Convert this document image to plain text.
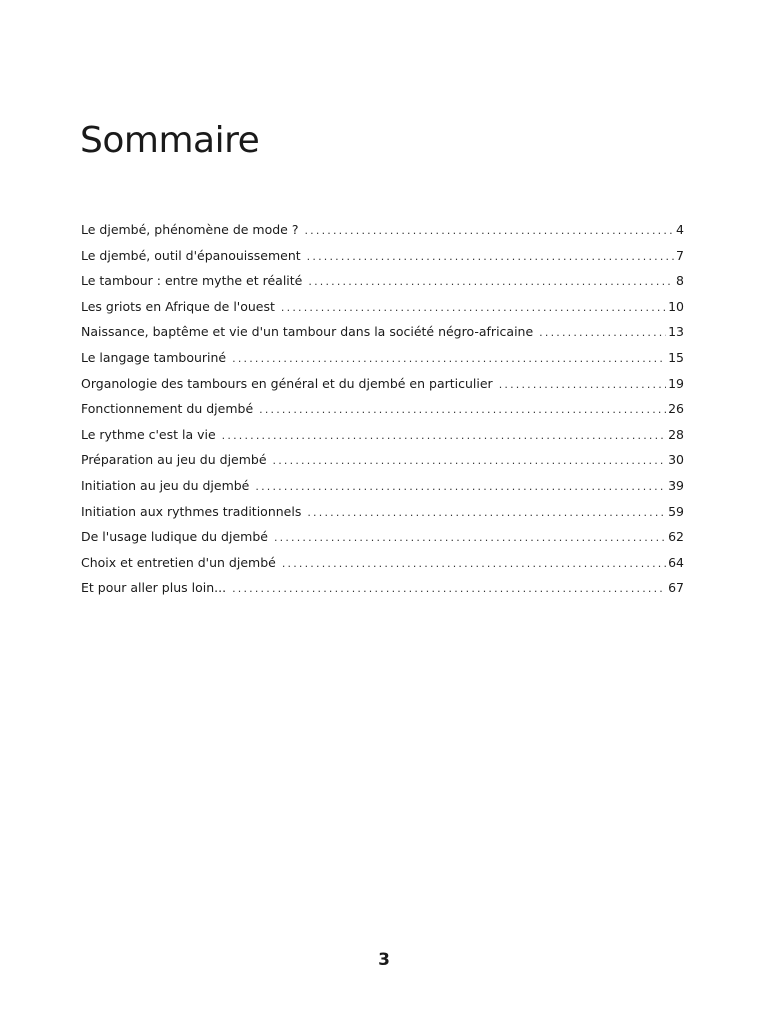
Sommaire
Le djembé, phénomène de mode ? .....	4
Le djembé, outil d'épanouissement .....	7
Le tambour : entre mythe et réalité .....	8
Les griots en Afrique de l'ouest .....	10
Naissance, baptême et vie d'un tambour dans la société négro-africaine .....	13
Le langage tambouriné .....	15
Organologie des tambours en général et du djembé en particulier .....	19
Fonctionnement du djembé .....	26
Le rythme c'est la vie .....	28
Préparation au jeu du djembé .....	30
Initiation au jeu du djembé .....	39
Initiation aux rythmes traditionnels .....	59
De l'usage ludique du djembé .....	62
Choix et entretien d'un djembé .....	64
Et pour aller plus loin... .....	67
3
